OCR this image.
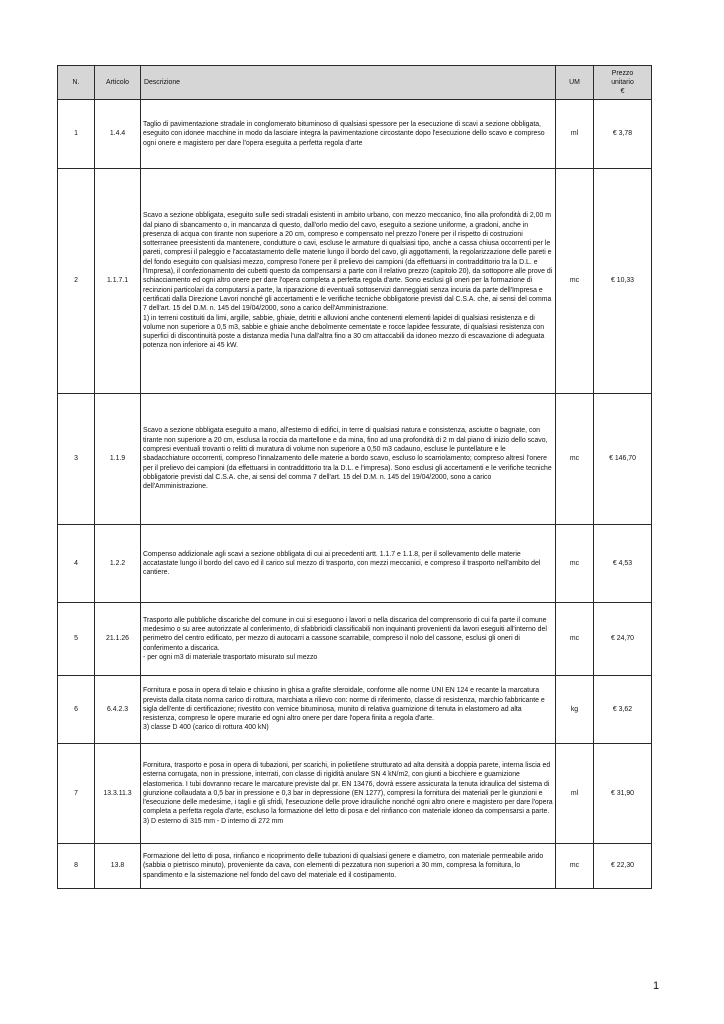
N.	Articolo	Descrizione	UM	Prezzo
unitario
€
1	1.4.4	Taglio di pavimentazione stradale in conglomerato bituminoso di qualsiasi spessore per la esecuzione di scavi a sezione obbligata, eseguito con idonee macchine in modo da lasciare integra la pavimentazione circostante dopo l'esecuzione dello scavo e compreso ogni onere e magistero per dare l'opera eseguita a perfetta regola d'arte	ml	€ 3,78
2	1.1.7.1	Scavo a sezione obbligata, eseguito sulle sedi stradali esistenti in ambito urbano, con mezzo meccanico, fino alla profondità di 2,00 m dal piano di sbancamento o, in mancanza di questo, dall'orlo medio del cavo, eseguito a sezione uniforme, a gradoni, anche in presenza di acqua con tirante non superiore a 20 cm, compreso e compensato nel prezzo l'onere per il rispetto di costruzioni sotterranee preesistenti da mantenere, condutture o cavi, escluse le armature di qualsiasi tipo, anche a cassa chiusa occorrenti per le pareti, compresi il paleggio e l'accatastamento delle materie lungo il bordo del cavo, gli aggottamenti, la regolarizzazione delle pareti e del fondo eseguito con qualsiasi mezzo, compreso l'onere per il prelievo dei campioni (da effettuarsi in contraddittorio tra la D.L. e l'Impresa), il confezionamento dei cubetti questo da compensarsi a parte con il relativo prezzo (capitolo 20), da sottoporre alle prove di schiacciamento ed ogni altro onere per dare l'opera completa a perfetta regola d'arte. Sono esclusi gli oneri per la formazione di recinzioni particolari da computarsi a parte, la riparazione di eventuali sottoservizi danneggiati senza incuria da parte dell'Impresa e certificati dalla Direzione Lavori nonché gli accertamenti e le verifiche tecniche obbligatorie previsti dal C.S.A. che, ai sensi del comma 7 dell'art. 15 del D.M. n. 145 del 19/04/2000, sono a carico dell'Amministrazione.
1) in terreni costituiti da limi, argille, sabbie, ghiaie, detriti e alluvioni anche contenenti elementi lapidei di qualsiasi resistenza e di volume non superiore a 0,5 m3, sabbie e ghiaie anche debolmente cementate e rocce lapidee fessurate, di qualsiasi resistenza con superfici di discontinuità poste a distanza media l'una dall'altra fino a 30 cm attaccabili da idoneo mezzo di escavazione di adeguata potenza non inferiore ai 45 kW.	mc	€ 10,33
3	1.1.9	Scavo a sezione obbligata eseguito a mano, all'esterno di edifici, in terre di qualsiasi natura e consistenza, asciutte o bagnate, con tirante non superiore a 20 cm, esclusa la roccia da martellone e da mina, fino ad una profondità di 2 m dal piano di inizio dello scavo, compresi eventuali trovanti o relitti di muratura di volume non superiore a 0,50 m3 cadauno, escluse le puntellature e le sbadacchiature occorrenti, compreso l'innalzamento delle materie a bordo scavo, escluso lo scarriolamento; compreso altresì l'onere per il prelievo dei campioni (da effettuarsi in contraddittorio tra la D.L. e l'impresa). Sono esclusi gli accertamenti e le verifiche tecniche obbligatorie previsti dal C.S.A. che, ai sensi del comma 7 dell'art. 15 del D.M. n. 145 del 19/04/2000, sono a carico dell'Amministrazione.	mc	€ 146,70
4	1.2.2	Compenso addizionale agli scavi a sezione obbligata di cui ai precedenti artt. 1.1.7 e 1.1.8, per il sollevamento delle materie accatastate lungo il bordo del cavo ed il carico sul mezzo di trasporto, con mezzi meccanici, e compreso il trasporto nell'ambito del cantiere.	mc	€ 4,53
5	21.1.26	Trasporto alle pubbliche discariche del comune in cui si eseguono i lavori o nella discarica del comprensorio di cui fa parte il comune medesimo o su aree autorizzate al conferimento, di sfabbricidi classificabili non inquinanti provenienti da lavori eseguiti all'interno del perimetro del centro edificato, per mezzo di autocarri a cassone scarrabile, compreso il nolo del cassone, esclusi gli oneri di conferimento a discarica.
- per ogni m3 di materiale trasportato misurato sul mezzo	mc	€ 24,70
6	6.4.2.3	Fornitura e posa in opera di telaio e chiusino in ghisa a grafite sferoidale, conforme alle norme UNI EN 124 e recante la marcatura prevista dalla citata norma carico di rottura, marchiata a rilievo con: norme di riferimento, classe di resistenza, marchio fabbricante e sigla dell'ente di certificazione; rivestito con vernice bituminosa, munito di relativa guarnizione di tenuta in elastomero ad alta resistenza, compreso le opere murarie ed ogni altro onere per dare l'opera finita a regola d'arte.
3) classe D 400 (carico di rottura 400 kN)	kg	€ 3,62
7	13.3.11.3	Fornitura, trasporto e posa in opera di tubazioni, per scarichi, in polietilene strutturato ad alta densità a doppia parete, interna liscia ed esterna corrugata, non in pressione, interrati, con classe di rigidità anulare SN 4 kN/m2, con giunti a bicchiere e guarnizione elastomerica. I tubi dovranno recare le marcature previste dal pr. EN 13476, dovrà essere assicurata la tenuta idraulica del sistema di giunzione collaudata a 0,5 bar in pressione e 0,3 bar in depressione (EN 1277), compresi la fornitura dei materiali per le giunzioni e l'esecuzione delle medesime, i tagli e gli sfridi, l'esecuzione delle prove idrauliche nonché ogni altro onere e magistero per dare l'opera completa a perfetta regola d'arte, escluso la formazione del letto di posa e del rinfianco con materiale idoneo da compensarsi a parte. 3) D esterno di 315 mm - D interno di 272 mm	ml	€ 31,90
8	13.8	Formazione del letto di posa, rinfianco e ricoprimento delle tubazioni di qualsiasi genere e diametro, con materiale permeabile arido (sabbia o pietrisco minuto), proveniente da cava, con elementi di pezzatura non superiori a 30 mm, compresa la fornitura, lo spandimento e la sistemazione nel fondo del cavo del materiale ed il costipamento.	mc	€ 22,30
1
